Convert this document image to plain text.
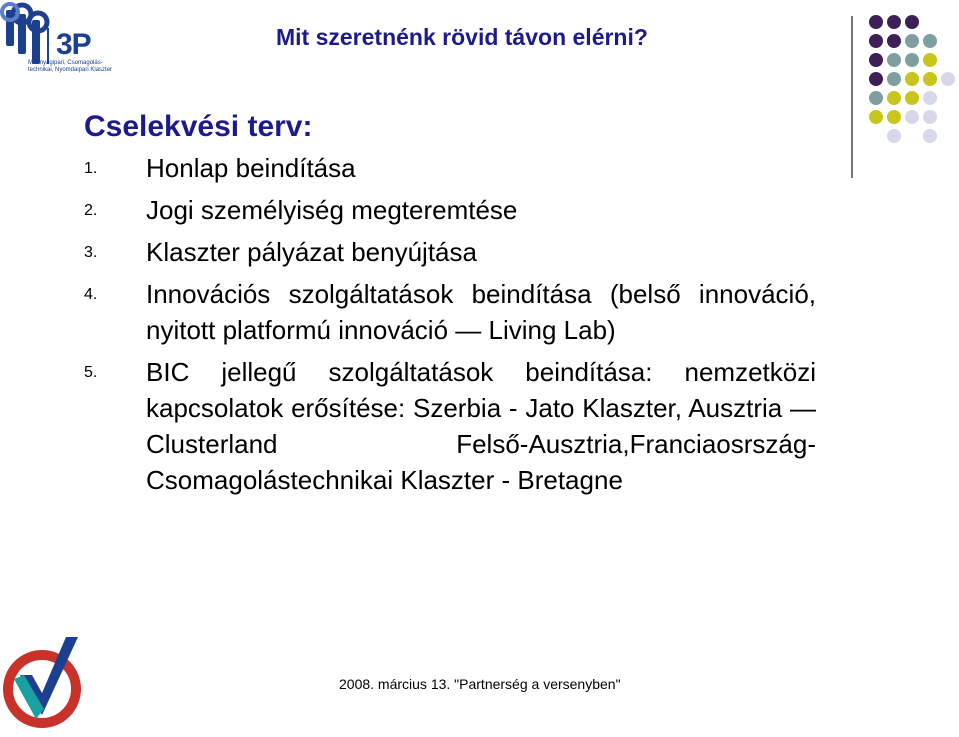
3P
Műanyagipari, Csomagolás-
technikai, Nyomdaipari Klaszter
Mit szeretnénk rövid távon elérni?
Cselekvési terv:
1. Honlap beindítása
2. Jogi személyiség megteremtése
3. Klaszter pályázat benyújtása
4. Innovációs szolgáltatások beindítása (belső innováció, nyitott platformú innováció — Living Lab)
5. BIC jellegű szolgáltatások beindítása: nemzetközi kapcsolatok erősítése: Szerbia - Jato Klaszter, Ausztria — Clusterland Felső-Ausztria,Franciaosrszág-Csomagolástechnikai Klaszter - Bretagne
2008. március 13. "Partnerség a versenyben"
